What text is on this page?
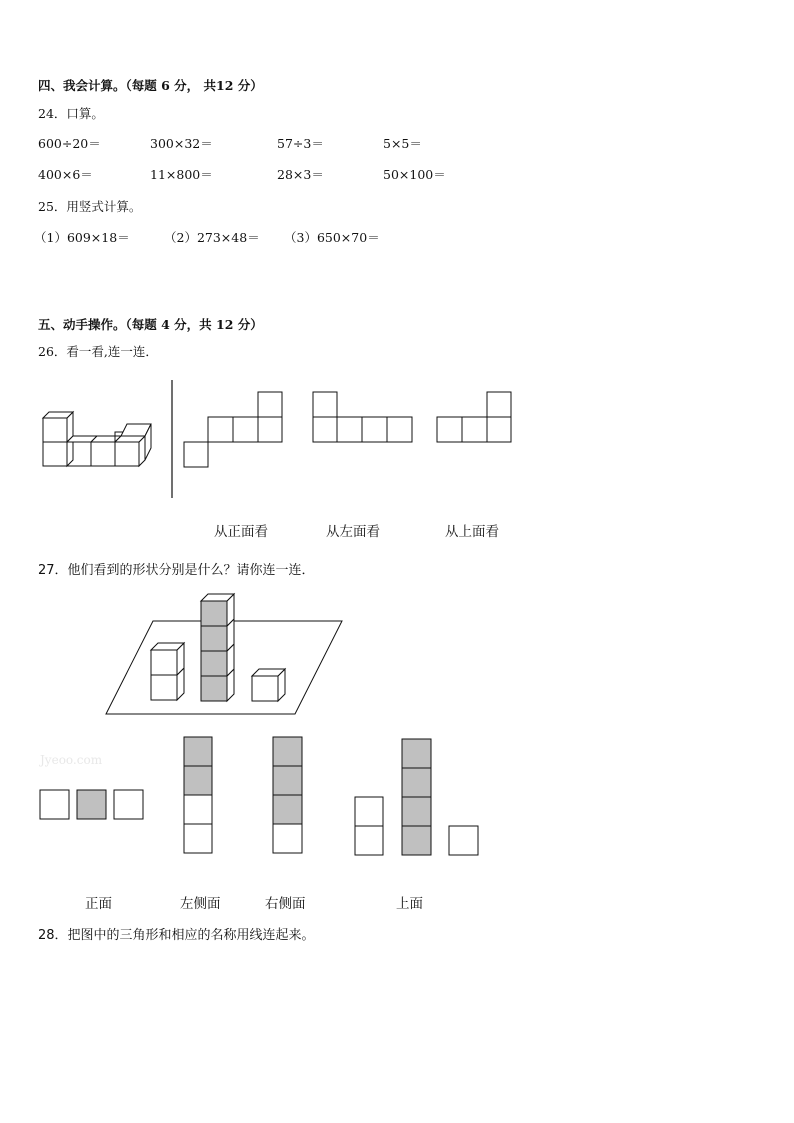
四、我会计算。（每题 6 分， 共12 分）
24．口算。
600÷20＝	300×32＝	57÷3＝	5×5＝
400×6＝	11×800＝	28×3＝	50×100＝
25．用竖式计算。
（1）609×18＝	（2）273×48＝ （3）650×70＝
五、动手操作。（每题 4 分，共 12 分）
26．看一看,连一连．
从正面看	从左面看	从上面看
27．他们看到的形状分别是什么？请你连一连．
Jyeoo.com
正面	左侧面	右侧面	上面
28．把图中的三角形和相应的名称用线连起来。
